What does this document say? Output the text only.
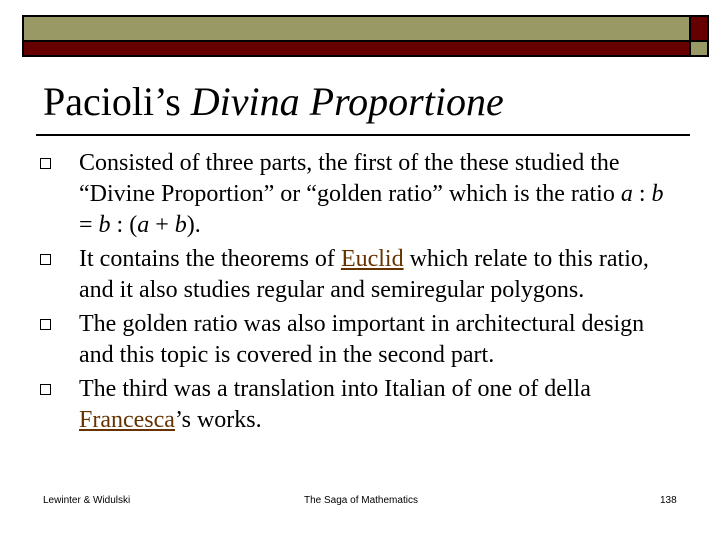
Pacioli’s Divina Proportione
Consisted of three parts, the first of the these studied the “Divine Proportion” or “golden ratio” which is the ratio a : b = b : (a + b).
It contains the theorems of Euclid which relate to this ratio, and it also studies regular and semiregular polygons.
The golden ratio was also important in architectural design and this topic is covered in the second part.
The third was a translation into Italian of one of della Francesca’s works.
Lewinter & Widulski	The Saga of Mathematics	138
